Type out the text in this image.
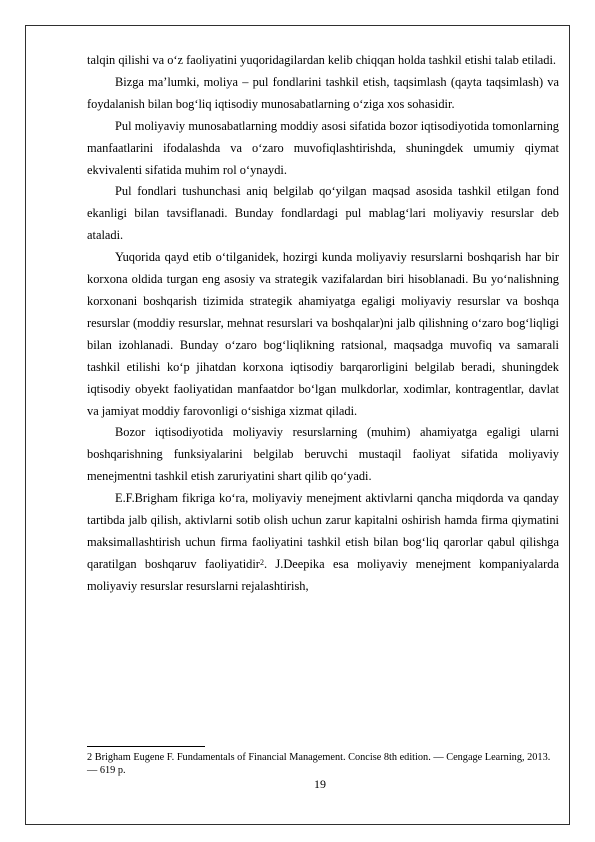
talqin qilishi va o‘z faoliyatini yuqoridagilardan kelib chiqqan holda tashkil etishi talab etiladi.

Bizga ma’lumki, moliya – pul fondlarini tashkil etish, taqsimlash (qayta taqsimlash) va foydalanish bilan bog‘liq iqtisodiy munosabatlarning o‘ziga xos sohasidir.

Pul moliyaviy munosabatlarning moddiy asosi sifatida bozor iqtisodiyotida tomonlarning manfaatlarini ifodalashda va o‘zaro muvofiqlashtirishda, shuningdek umumiy qiymat ekvivalenti sifatida muhim rol o‘ynaydi.

Pul fondlari tushunchasi aniq belgilab qo‘yilgan maqsad asosida tashkil etilgan fond ekanligi bilan tavsiflanadi. Bunday fondlardagi pul mablag‘lari moliyaviy resurslar deb ataladi.

Yuqorida qayd etib o‘tilganidek, hozirgi kunda moliyaviy resurslarni boshqarish har bir korxona oldida turgan eng asosiy va strategik vazifalardan biri hisoblanadi. Bu yo‘nalishning korxonani boshqarish tizimida strategik ahamiyatga egaligi moliyaviy resurslar va boshqa resurslar (moddiy resurslar, mehnat resurslari va boshqalar)ni jalb qilishning o‘zaro bog‘liqligi bilan izohlanadi. Bunday o‘zaro bog‘liqlikning ratsional, maqsadga muvofiq va samarali tashkil etilishi ko‘p jihatdan korxona iqtisodiy barqarorligini belgilab beradi, shuningdek iqtisodiy obyekt faoliyatidan manfaatdor bo‘lgan mulkdorlar, xodimlar, kontragentlar, davlat va jamiyat moddiy farovonligi o‘sishiga xizmat qiladi.

Bozor iqtisodiyotida moliyaviy resurslarning (muhim) ahamiyatga egaligi ularni boshqarishning funksiyalarini belgilab beruvchi mustaqil faoliyat sifatida moliyaviy menejmentni tashkil etish zaruriyatini shart qilib qo‘yadi.

E.F.Brigham fikriga ko‘ra, moliyaviy menejment aktivlarni qancha miqdorda va qanday tartibda jalb qilish, aktivlarni sotib olish uchun zarur kapitalni oshirish hamda firma qiymatini maksimallashtirish uchun firma faoliyatini tashkil etish bilan bog‘liq qarorlar qabul qilishga qaratilgan boshqaruv faoliyatidir$^2$. J.Deepika esa moliyaviy menejment kompaniyalarda moliyaviy resurslar resurslarni rejalashtirish,

2 Brigham Eugene F. Fundamentals of Financial Management. Concise 8th edition. — Cengage Learning, 2013. — 619 p.
19
